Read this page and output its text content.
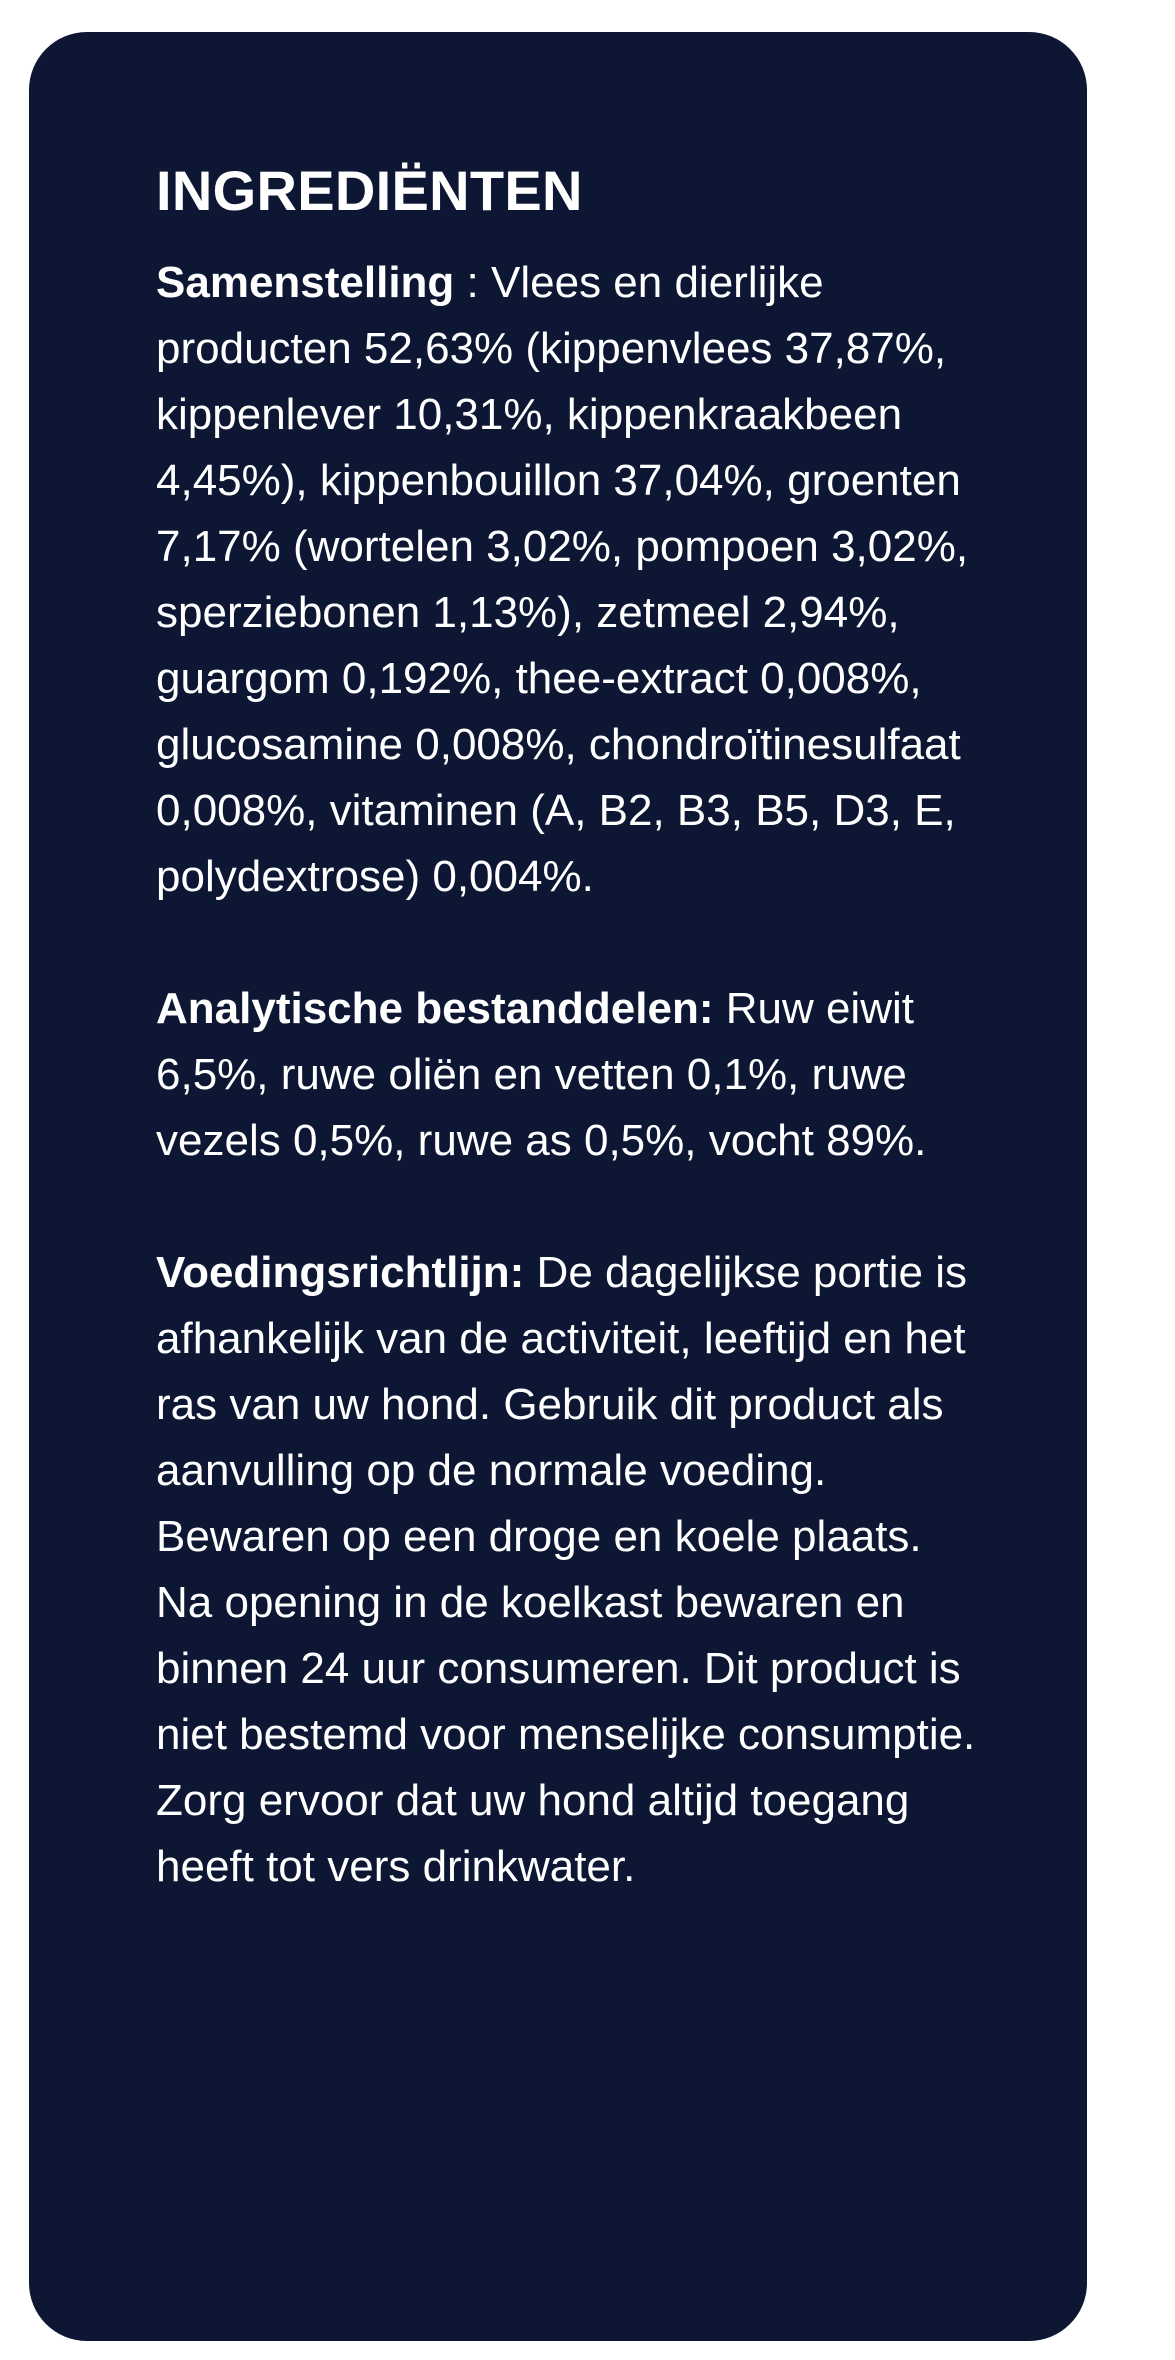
INGREDIËNTEN

Samenstelling : Vlees en dierlijke producten 52,63% (kippenvlees 37,87%, kippenlever 10,31%, kippenkraakbeen 4,45%), kippenbouillon 37,04%, groenten 7,17% (wortelen 3,02%, pompoen 3,02%, sperziebonen 1,13%), zetmeel 2,94%, guargom 0,192%, thee-extract 0,008%, glucosamine 0,008%, chondroïtinesulfaat 0,008%, vitaminen (A, B2, B3, B5, D3, E, polydextrose) 0,004%.

Analytische bestanddelen: Ruw eiwit 6,5%, ruwe oliën en vetten 0,1%, ruwe vezels 0,5%, ruwe as 0,5%, vocht 89%.

Voedingsrichtlijn: De dagelijkse portie is afhankelijk van de activiteit, leeftijd en het ras van uw hond. Gebruik dit product als aanvulling op de normale voeding. Bewaren op een droge en koele plaats. Na opening in de koelkast bewaren en binnen 24 uur consumeren. Dit product is niet bestemd voor menselijke consumptie. Zorg ervoor dat uw hond altijd toegang heeft tot vers drinkwater.
